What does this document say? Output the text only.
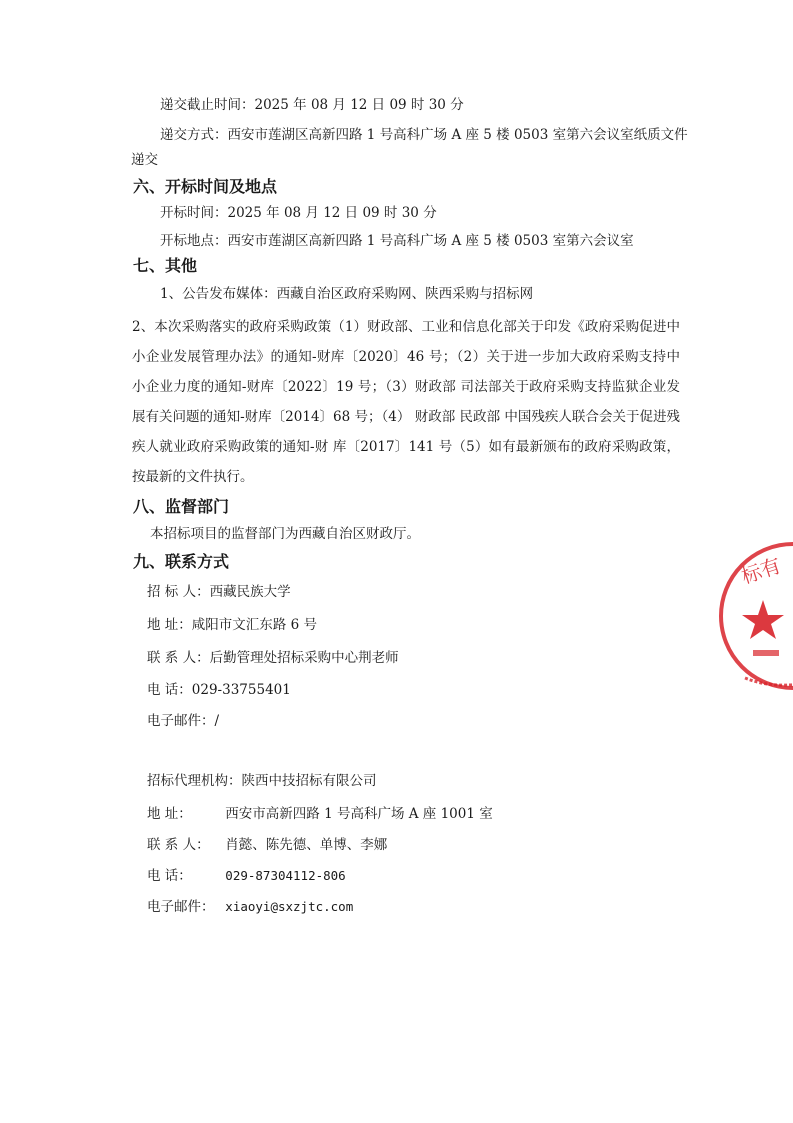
递交截止时间：2025 年 08 月 12 日 09 时 30 分
递交方式：西安市莲湖区高新四路 1 号高科广场 A 座 5 楼 0503 室第六会议室纸质文件
递交
六、开标时间及地点
开标时间：2025 年 08 月 12 日 09 时 30 分
开标地点：西安市莲湖区高新四路 1 号高科广场 A 座 5 楼 0503 室第六会议室
七、其他
1、公告发布媒体：西藏自治区政府采购网、陕西采购与招标网
2、本次采购落实的政府采购政策（1）财政部、工业和信息化部关于印发《政府采购促进中小企业发展管理办法》的通知-财库〔2020〕46 号；（2）关于进一步加大政府采购支持中小企业力度的通知-财库〔2022〕19 号；（3）财政部 司法部关于政府采购支持监狱企业发展有关问题的通知-财库〔2014〕68 号；（4） 财政部 民政部 中国残疾人联合会关于促进残疾人就业政府采购政策的通知-财 库〔2017〕141 号（5）如有最新颁布的政府采购政策，按最新的文件执行。
八、监督部门
本招标项目的监督部门为西藏自治区财政厅。
九、联系方式
招 标 人：西藏民族大学
地 址：咸阳市文汇东路 6 号
联 系 人：后勤管理处招标采购中心荆老师
电 话：029-33755401
电子邮件：/
招标代理机构：陕西中技招标有限公司
地 址： 西安市高新四路 1 号高科广场 A 座 1001 室
联 系 人： 肖懿、陈先德、单博、李娜
电 话：	029-87304112-806
电子邮件： xiaoyi@sxzjtc.com
标有
